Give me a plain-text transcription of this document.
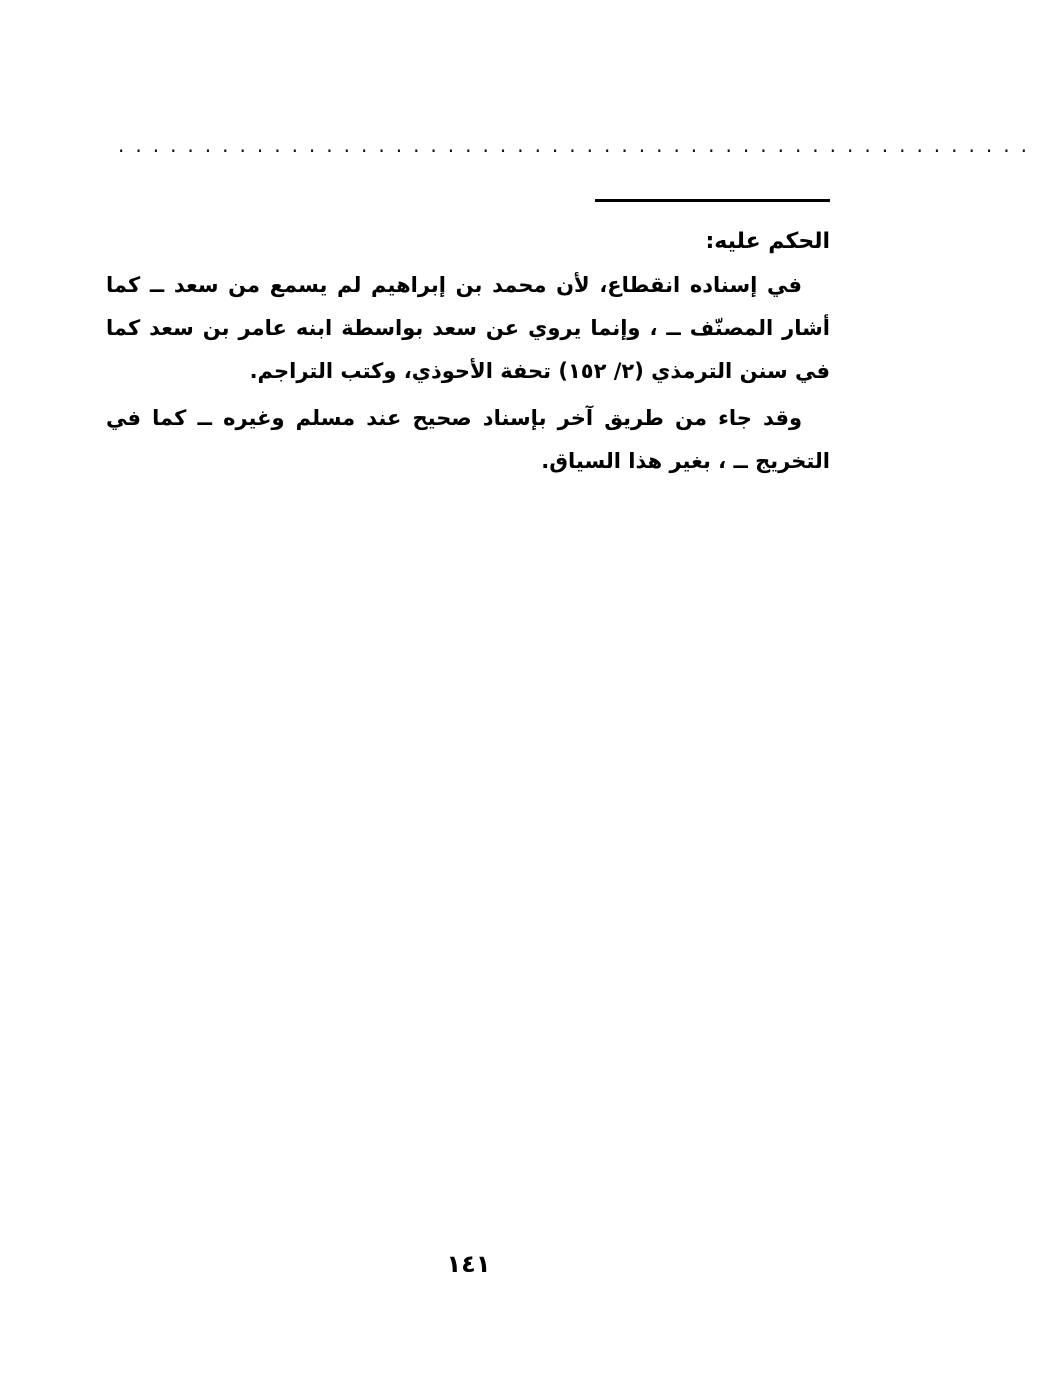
.....................................................
الحكم عليه:

في إسناده انقطاع، لأن محمد بن إبراهيم لم يسمع من سعد ــ كما أشار المصنّف ــ ، وإنما يروي عن سعد بواسطة ابنه عامر بن سعد كما في سنن الترمذي (٢/ ١٥٢) تحفة الأحوذي، وكتب التراجم.

وقد جاء من طريق آخر بإسناد صحيح عند مسلم وغيره ــ كما في التخريج ــ ، بغير هذا السياق.

١٤١
